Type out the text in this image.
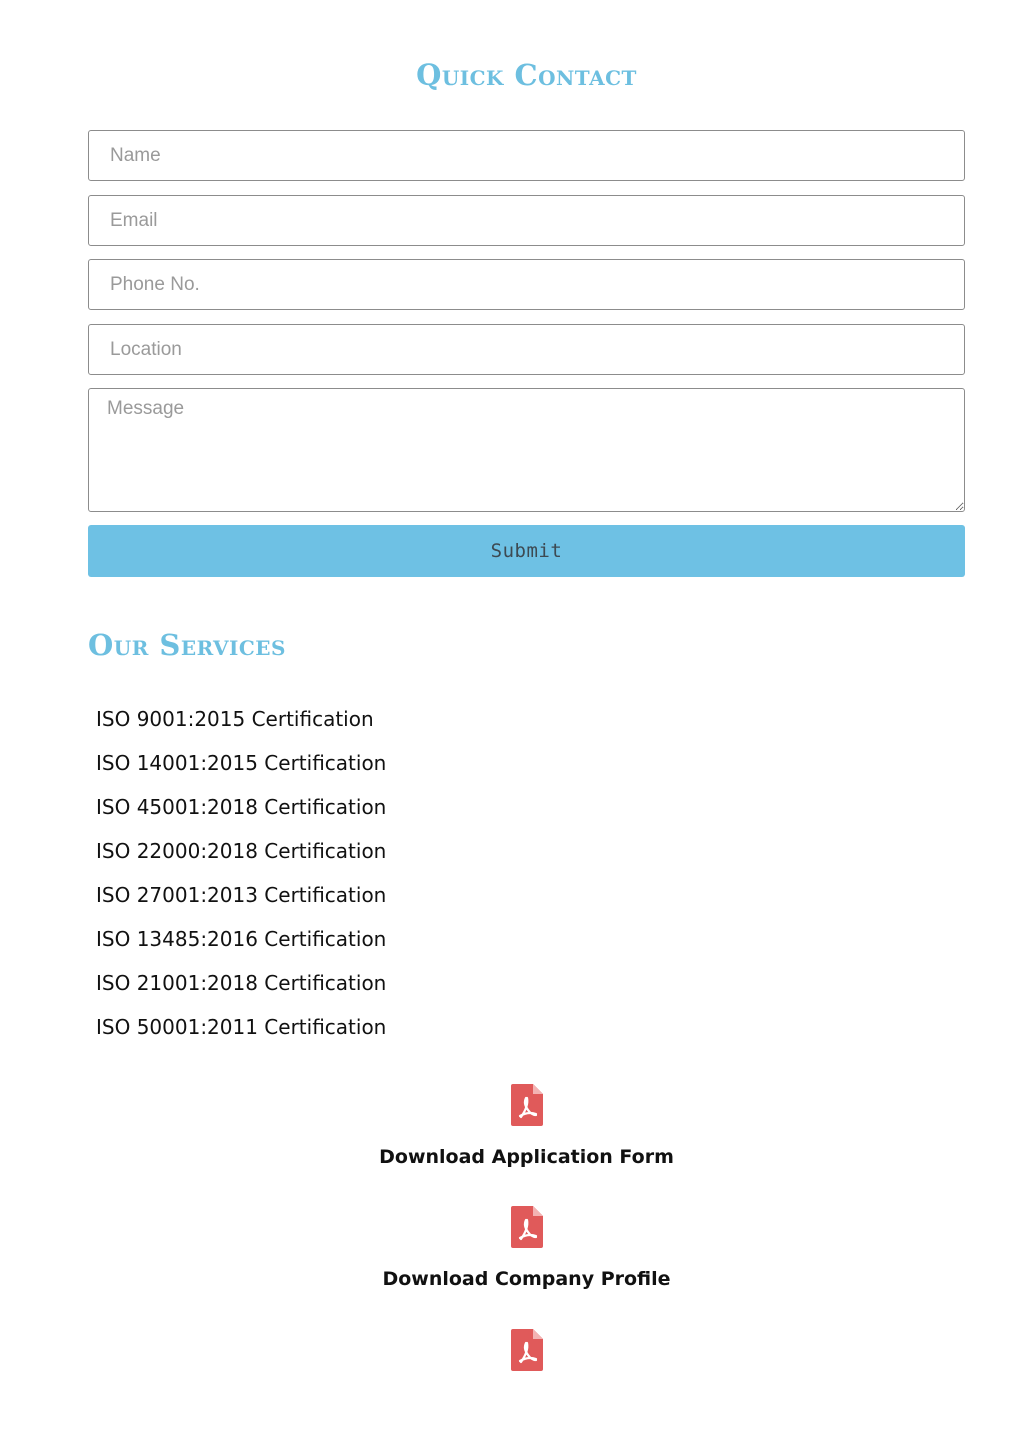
Quick Contact
Name
Email
Phone No.
Location
Message
Submit
Our Services
ISO 9001:2015 Certification
ISO 14001:2015 Certification
ISO 45001:2018 Certification
ISO 22000:2018 Certification
ISO 27001:2013 Certification
ISO 13485:2016 Certification
ISO 21001:2018 Certification
ISO 50001:2011 Certification
Download Application Form
Download Company Profile
